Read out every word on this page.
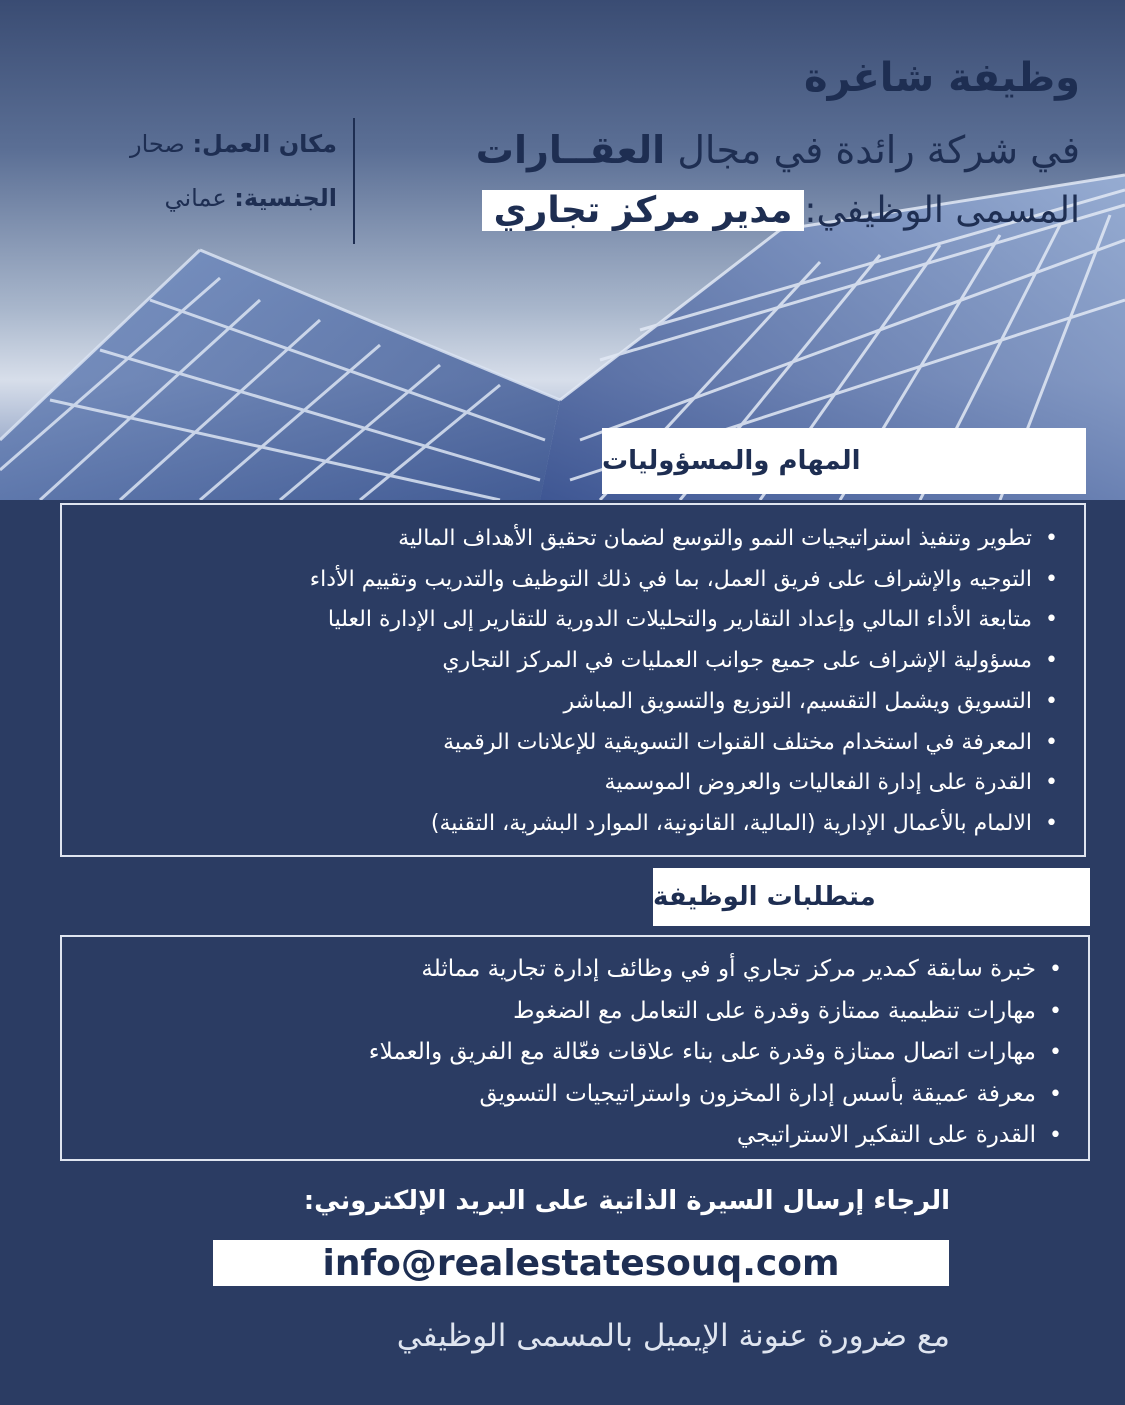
وظيفة شاغرة
في شركة رائدة في مجال العقــارات
المسمى الوظيفي:مدير مركز تجاري
مكان العمل: صحار
الجنسية: عماني
المهام والمسؤوليات
• تطوير وتنفيذ استراتيجيات النمو والتوسع لضمان تحقيق الأهداف المالية
• التوجيه والإشراف على فريق العمل، بما في ذلك التوظيف والتدريب وتقييم الأداء
• متابعة الأداء المالي وإعداد التقارير والتحليلات الدورية للتقارير إلى الإدارة العليا
• مسؤولية الإشراف على جميع جوانب العمليات في المركز التجاري
• التسويق ويشمل التقسيم، التوزيع والتسويق المباشر
• المعرفة في استخدام مختلف القنوات التسويقية للإعلانات الرقمية
• القدرة على إدارة الفعاليات والعروض الموسمية
• الالمام بالأعمال الإدارية (المالية، القانونية، الموارد البشرية، التقنية)
متطلبات الوظيفة
• خبرة سابقة كمدير مركز تجاري أو في وظائف إدارة تجارية مماثلة
• مهارات تنظيمية ممتازة وقدرة على التعامل مع الضغوط
• مهارات اتصال ممتازة وقدرة على بناء علاقات فعّالة مع الفريق والعملاء
• معرفة عميقة بأسس إدارة المخزون واستراتيجيات التسويق
• القدرة على التفكير الاستراتيجي
الرجاء إرسال السيرة الذاتية على البريد الإلكتروني:
info@realestatesouq.com
مع ضرورة عنونة الإيميل بالمسمى الوظيفي
